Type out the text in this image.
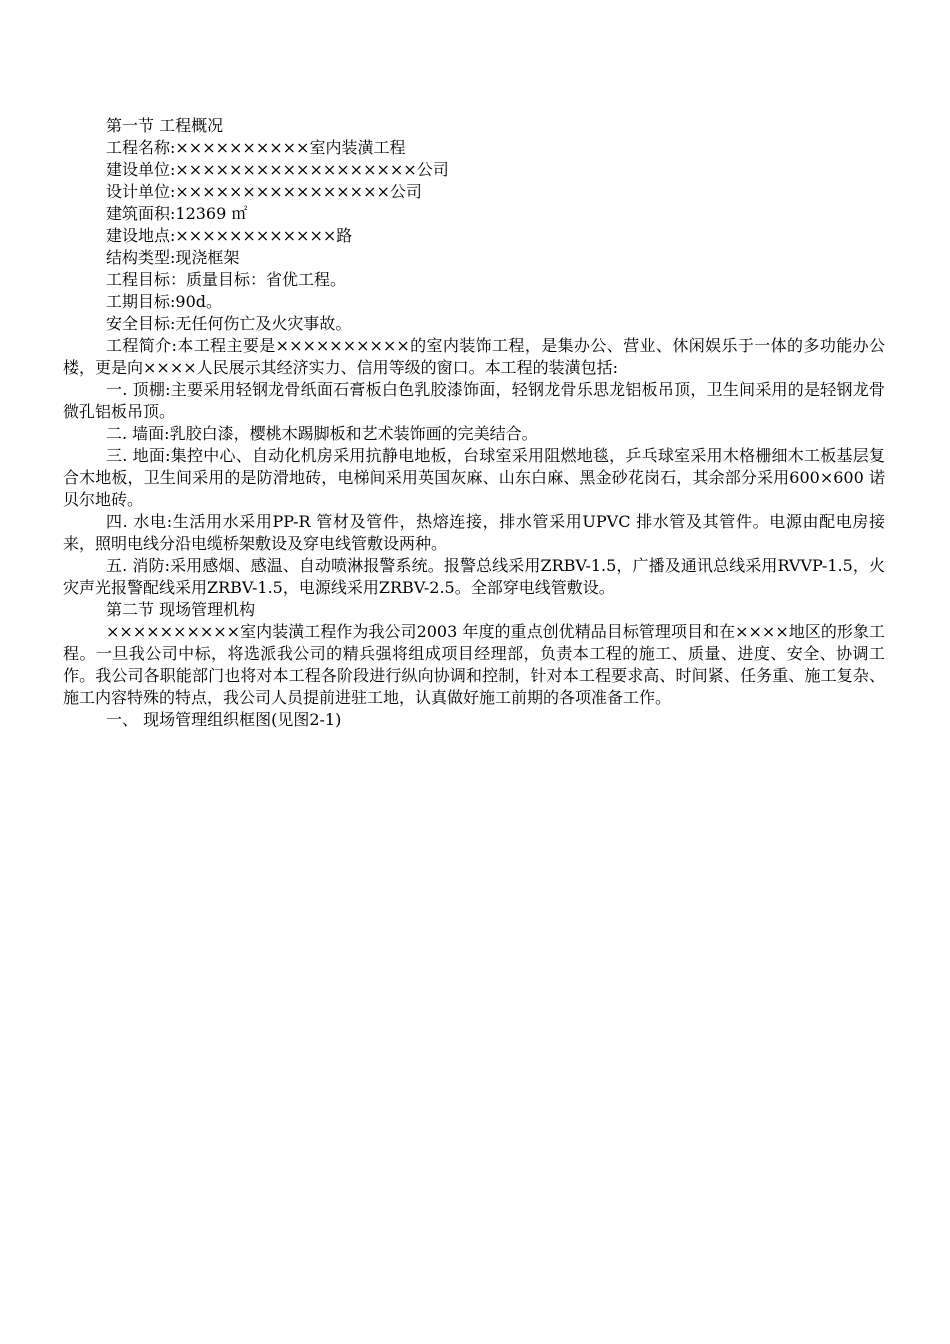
第一节 工程概况

工程名称:××××××××××室内装潢工程

建设单位:××××××××××××××××××公司

设计单位:××××××××××××××××公司

建筑面积:12369 ㎡

建设地点:××××××××××××路

结构类型:现浇框架

工程目标：质量目标：省优工程。

工期目标:90d。

安全目标:无任何伤亡及火灾事故。

工程简介:本工程主要是××××××××××的室内装饰工程，是集办公、营业、休闲娱乐于一体的多功能办公楼，更是向××××人民展示其经济实力、信用等级的窗口。本工程的装潢包括:

一. 顶棚:主要采用轻钢龙骨纸面石膏板白色乳胶漆饰面，轻钢龙骨乐思龙铝板吊顶，卫生间采用的是轻钢龙骨微孔铝板吊顶。

二. 墙面:乳胶白漆，樱桃木踢脚板和艺术装饰画的完美结合。

三. 地面:集控中心、自动化机房采用抗静电地板，台球室采用阻燃地毯，乒乓球室采用木格栅细木工板基层复合木地板，卫生间采用的是防滑地砖，电梯间采用英国灰麻、山东白麻、黑金砂花岗石，其余部分采用600×600 诺贝尔地砖。

四. 水电:生活用水采用PP-R 管材及管件，热熔连接，排水管采用UPVC 排水管及其管件。电源由配电房接来，照明电线分沿电缆桥架敷设及穿电线管敷设两种。

五. 消防:采用感烟、感温、自动喷淋报警系统。报警总线采用ZRBV-1.5，广播及通讯总线采用RVVP-1.5，火灾声光报警配线采用ZRBV-1.5，电源线采用ZRBV-2.5。全部穿电线管敷设。

第二节 现场管理机构

××××××××××室内装潢工程作为我公司2003 年度的重点创优精品目标管理项目和在××××地区的形象工程。一旦我公司中标，将选派我公司的精兵强将组成项目经理部，负责本工程的施工、质量、进度、安全、协调工作。我公司各职能部门也将对本工程各阶段进行纵向协调和控制，针对本工程要求高、时间紧、任务重、施工复杂、施工内容特殊的特点，我公司人员提前进驻工地，认真做好施工前期的各项准备工作。

一、 现场管理组织框图(见图2-1)
